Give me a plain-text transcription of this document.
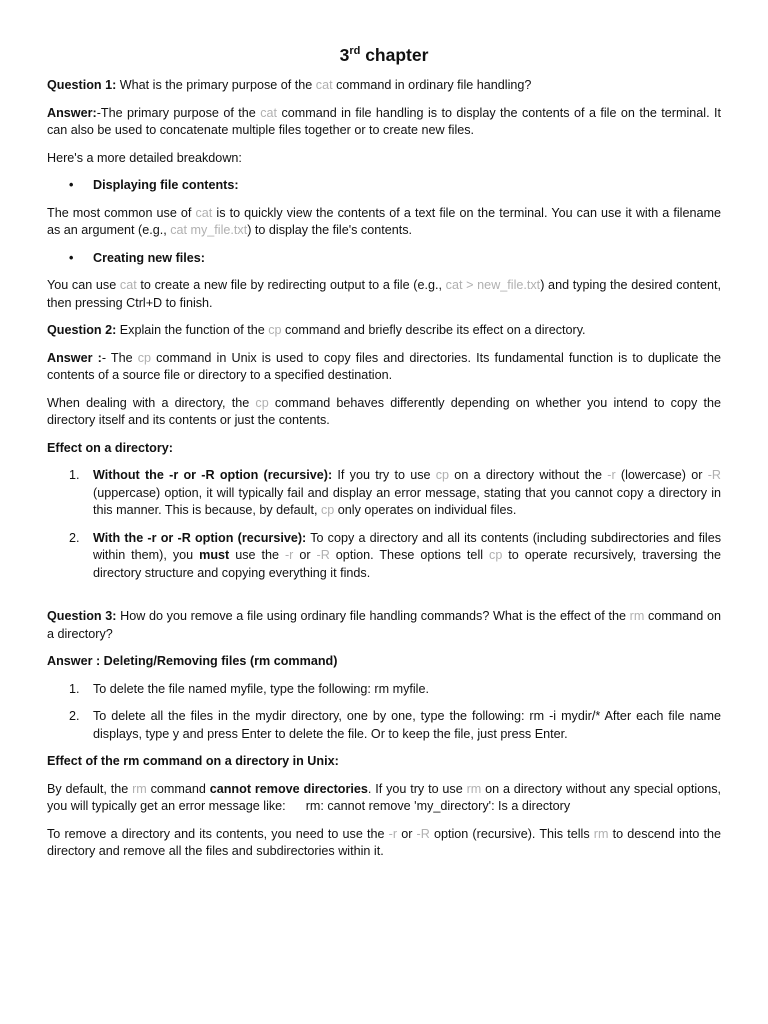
3rd chapter

Question 1: What is the primary purpose of the cat command in ordinary file handling?

Answer:-The primary purpose of the cat command in file handling is to display the contents of a file on the terminal. It can also be used to concatenate multiple files together or to create new files.

Here's a more detailed breakdown:

• Displaying file contents:

The most common use of cat is to quickly view the contents of a text file on the terminal. You can use it with a filename as an argument (e.g., cat my_file.txt) to display the file's contents.

• Creating new files:

You can use cat to create a new file by redirecting output to a file (e.g., cat > new_file.txt) and typing the desired content, then pressing Ctrl+D to finish.

Question 2: Explain the function of the cp command and briefly describe its effect on a directory.

Answer :- The cp command in Unix is used to copy files and directories. Its fundamental function is to duplicate the contents of a source file or directory to a specified destination.

When dealing with a directory, the cp command behaves differently depending on whether you intend to copy the directory itself and its contents or just the contents.

Effect on a directory:

1. Without the -r or -R option (recursive): If you try to use cp on a directory without the -r (lowercase) or -R (uppercase) option, it will typically fail and display an error message, stating that you cannot copy a directory in this manner. This is because, by default, cp only operates on individual files.
2. With the -r or -R option (recursive): To copy a directory and all its contents (including subdirectories and files within them), you must use the -r or -R option. These options tell cp to operate recursively, traversing the directory structure and copying everything it finds.

Question 3: How do you remove a file using ordinary file handling commands? What is the effect of the rm command on a directory?

Answer : Deleting/Removing files (rm command)

1. To delete the file named myfile, type the following: rm myfile.
2. To delete all the files in the mydir directory, one by one, type the following: rm -i mydir/* After each file name displays, type y and press Enter to delete the file. Or to keep the file, just press Enter.

Effect of the rm command on a directory in Unix:

By default, the rm command cannot remove directories. If you try to use rm on a directory without any special options, you will typically get an error message like: rm: cannot remove 'my_directory': Is a directory

To remove a directory and its contents, you need to use the -r or -R option (recursive). This tells rm to descend into the directory and remove all the files and subdirectories within it.
